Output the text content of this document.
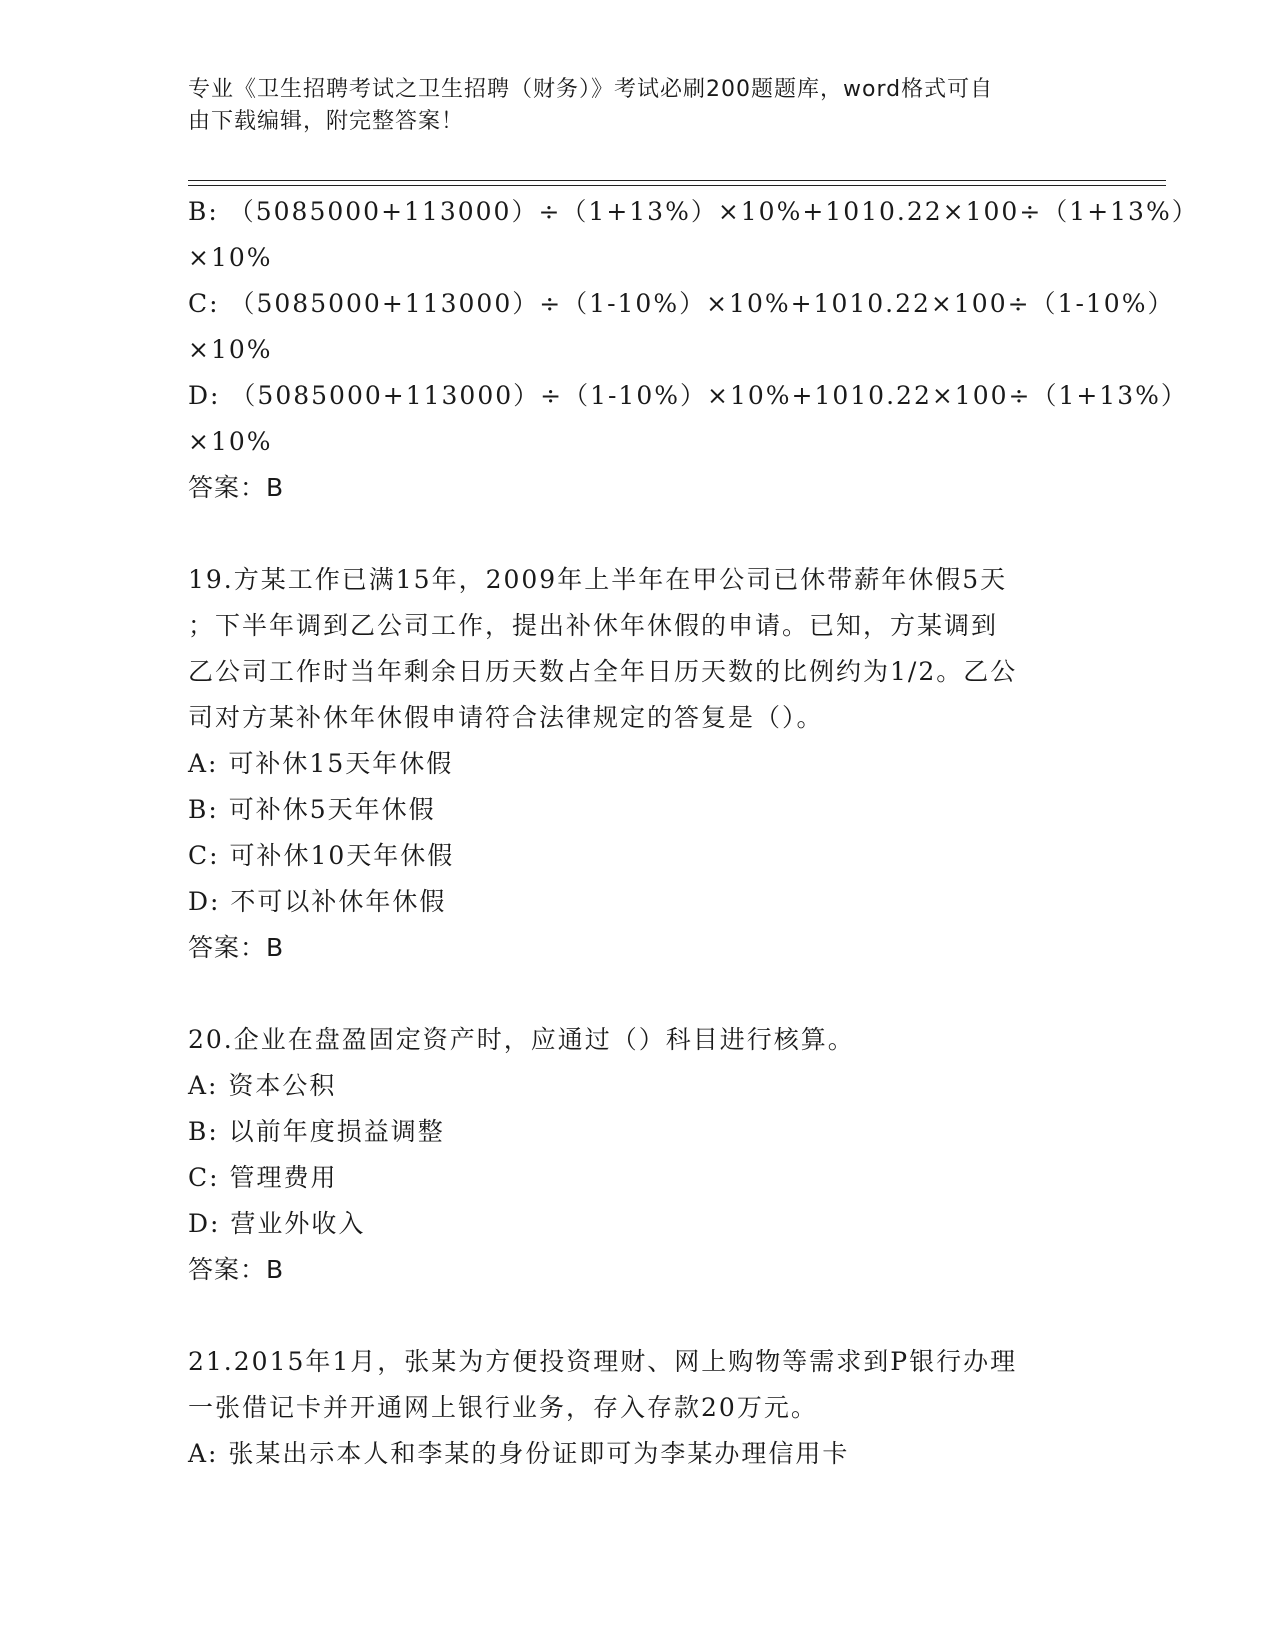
专业《卫生招聘考试之卫生招聘（财务）》考试必刷200题题库，word格式可自
由下载编辑，附完整答案！
B: （5085000+113000）÷（1+13%）×10%+1010.22×100÷（1+13%）
×10%
C: （5085000+113000）÷（1-10%）×10%+1010.22×100÷（1-10%）
×10%
D: （5085000+113000）÷（1-10%）×10%+1010.22×100÷（1+13%）
×10%
答案：B
19.方某工作已满15年，2009年上半年在甲公司已休带薪年休假5天
；下半年调到乙公司工作，提出补休年休假的申请。已知，方某调到
乙公司工作时当年剩余日历天数占全年日历天数的比例约为1/2。乙公
司对方某补休年休假申请符合法律规定的答复是（）。
A: 可补休15天年休假
B: 可补休5天年休假
C: 可补休10天年休假
D: 不可以补休年休假
答案：B
20.企业在盘盈固定资产时，应通过（）科目进行核算。
A: 资本公积
B: 以前年度损益调整
C: 管理费用
D: 营业外收入
答案：B
21.2015年1月，张某为方便投资理财、网上购物等需求到P银行办理
一张借记卡并开通网上银行业务，存入存款20万元。
A: 张某出示本人和李某的身份证即可为李某办理信用卡
